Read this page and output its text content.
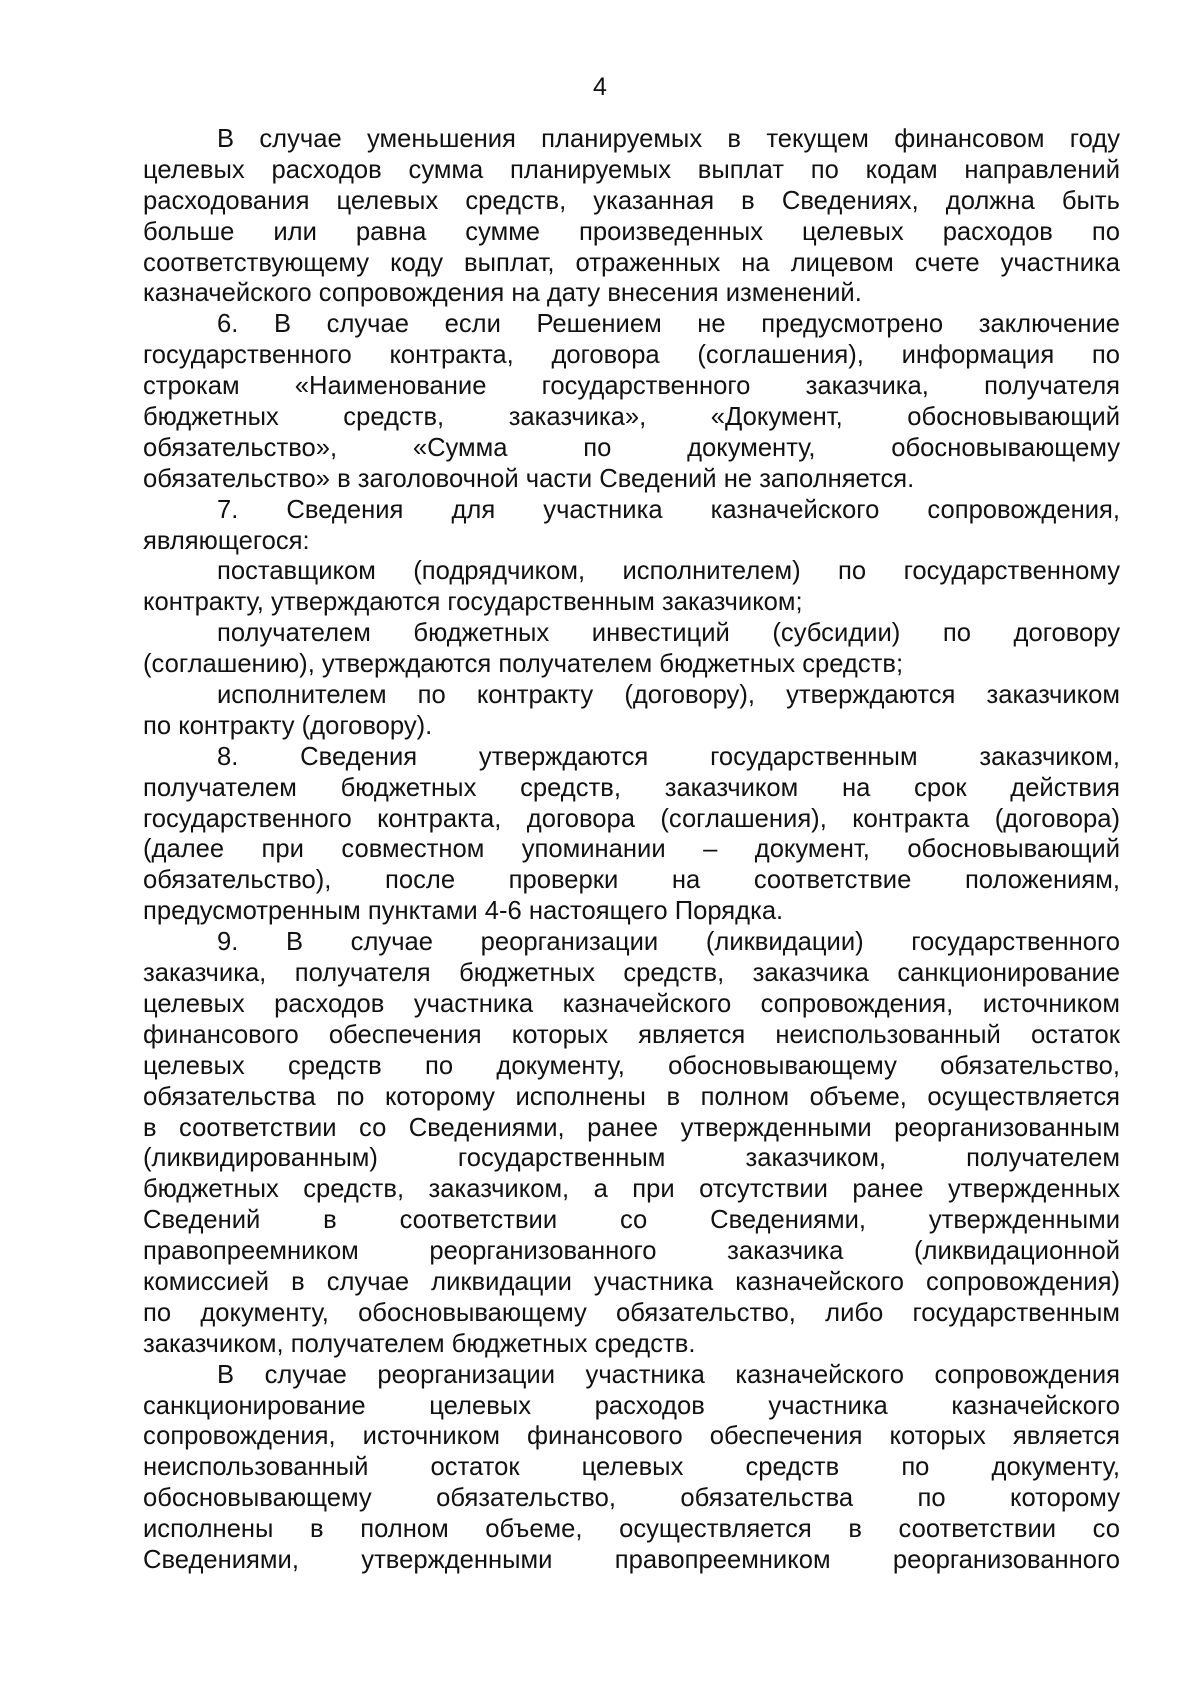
4
В случае уменьшения планируемых в текущем финансовом году
целевых расходов сумма планируемых выплат по кодам направлений
расходования целевых средств, указанная в Сведениях, должна быть
больше или равна сумме произведенных целевых расходов по
соответствующему коду выплат, отраженных на лицевом счете участника
казначейского сопровождения на дату внесения изменений.
6. В случае если Решением не предусмотрено заключение
государственного контракта, договора (соглашения), информация по
строкам «Наименование государственного заказчика, получателя
бюджетных средств, заказчика», «Документ, обосновывающий
обязательство», «Сумма по документу, обосновывающему
обязательство» в заголовочной части Сведений не заполняется.
7. Сведения для участника казначейского сопровождения,
являющегося:
поставщиком (подрядчиком, исполнителем) по государственному
контракту, утверждаются государственным заказчиком;
получателем бюджетных инвестиций (субсидии) по договору
(соглашению), утверждаются получателем бюджетных средств;
исполнителем по контракту (договору), утверждаются заказчиком
по контракту (договору).
8. Сведения утверждаются государственным заказчиком,
получателем бюджетных средств, заказчиком на срок действия
государственного контракта, договора (соглашения), контракта (договора)
(далее при совместном упоминании – документ, обосновывающий
обязательство), после проверки на соответствие положениям,
предусмотренным пунктами 4-6 настоящего Порядка.
9. В случае реорганизации (ликвидации) государственного
заказчика, получателя бюджетных средств, заказчика санкционирование
целевых расходов участника казначейского сопровождения, источником
финансового обеспечения которых является неиспользованный остаток
целевых средств по документу, обосновывающему обязательство,
обязательства по которому исполнены в полном объеме, осуществляется
в соответствии со Сведениями, ранее утвержденными реорганизованным
(ликвидированным) государственным заказчиком, получателем
бюджетных средств, заказчиком, а при отсутствии ранее утвержденных
Сведений в соответствии со Сведениями, утвержденными
правопреемником реорганизованного заказчика (ликвидационной
комиссией в случае ликвидации участника казначейского сопровождения)
по документу, обосновывающему обязательство, либо государственным
заказчиком, получателем бюджетных средств.
В случае реорганизации участника казначейского сопровождения
санкционирование целевых расходов участника казначейского
сопровождения, источником финансового обеспечения которых является
неиспользованный остаток целевых средств по документу,
обосновывающему обязательство, обязательства по которому
исполнены в полном объеме, осуществляется в соответствии со
Сведениями, утвержденными правопреемником реорганизованного
